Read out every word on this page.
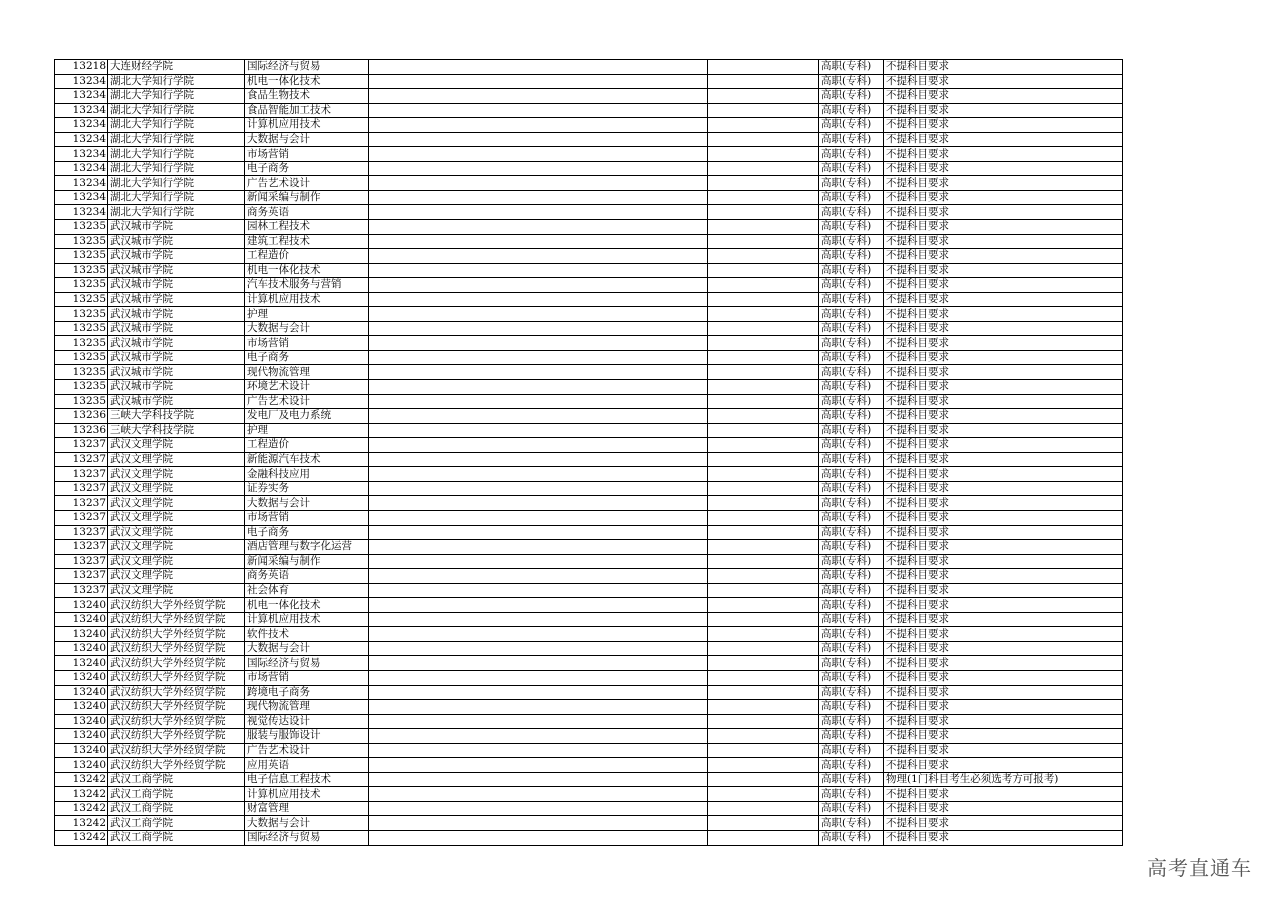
13218	大连财经学院	国际经济与贸易			高职(专科)	不提科目要求
13234	湖北大学知行学院	机电一体化技术			高职(专科)	不提科目要求
13234	湖北大学知行学院	食品生物技术			高职(专科)	不提科目要求
13234	湖北大学知行学院	食品智能加工技术			高职(专科)	不提科目要求
13234	湖北大学知行学院	计算机应用技术			高职(专科)	不提科目要求
13234	湖北大学知行学院	大数据与会计			高职(专科)	不提科目要求
13234	湖北大学知行学院	市场营销			高职(专科)	不提科目要求
13234	湖北大学知行学院	电子商务			高职(专科)	不提科目要求
13234	湖北大学知行学院	广告艺术设计			高职(专科)	不提科目要求
13234	湖北大学知行学院	新闻采编与制作			高职(专科)	不提科目要求
13234	湖北大学知行学院	商务英语			高职(专科)	不提科目要求
13235	武汉城市学院	园林工程技术			高职(专科)	不提科目要求
13235	武汉城市学院	建筑工程技术			高职(专科)	不提科目要求
13235	武汉城市学院	工程造价			高职(专科)	不提科目要求
13235	武汉城市学院	机电一体化技术			高职(专科)	不提科目要求
13235	武汉城市学院	汽车技术服务与营销			高职(专科)	不提科目要求
13235	武汉城市学院	计算机应用技术			高职(专科)	不提科目要求
13235	武汉城市学院	护理			高职(专科)	不提科目要求
13235	武汉城市学院	大数据与会计			高职(专科)	不提科目要求
13235	武汉城市学院	市场营销			高职(专科)	不提科目要求
13235	武汉城市学院	电子商务			高职(专科)	不提科目要求
13235	武汉城市学院	现代物流管理			高职(专科)	不提科目要求
13235	武汉城市学院	环境艺术设计			高职(专科)	不提科目要求
13235	武汉城市学院	广告艺术设计			高职(专科)	不提科目要求
13236	三峡大学科技学院	发电厂及电力系统			高职(专科)	不提科目要求
13236	三峡大学科技学院	护理			高职(专科)	不提科目要求
13237	武汉文理学院	工程造价			高职(专科)	不提科目要求
13237	武汉文理学院	新能源汽车技术			高职(专科)	不提科目要求
13237	武汉文理学院	金融科技应用			高职(专科)	不提科目要求
13237	武汉文理学院	证券实务			高职(专科)	不提科目要求
13237	武汉文理学院	大数据与会计			高职(专科)	不提科目要求
13237	武汉文理学院	市场营销			高职(专科)	不提科目要求
13237	武汉文理学院	电子商务			高职(专科)	不提科目要求
13237	武汉文理学院	酒店管理与数字化运营			高职(专科)	不提科目要求
13237	武汉文理学院	新闻采编与制作			高职(专科)	不提科目要求
13237	武汉文理学院	商务英语			高职(专科)	不提科目要求
13237	武汉文理学院	社会体育			高职(专科)	不提科目要求
13240	武汉纺织大学外经贸学院	机电一体化技术			高职(专科)	不提科目要求
13240	武汉纺织大学外经贸学院	计算机应用技术			高职(专科)	不提科目要求
13240	武汉纺织大学外经贸学院	软件技术			高职(专科)	不提科目要求
13240	武汉纺织大学外经贸学院	大数据与会计			高职(专科)	不提科目要求
13240	武汉纺织大学外经贸学院	国际经济与贸易			高职(专科)	不提科目要求
13240	武汉纺织大学外经贸学院	市场营销			高职(专科)	不提科目要求
13240	武汉纺织大学外经贸学院	跨境电子商务			高职(专科)	不提科目要求
13240	武汉纺织大学外经贸学院	现代物流管理			高职(专科)	不提科目要求
13240	武汉纺织大学外经贸学院	视觉传达设计			高职(专科)	不提科目要求
13240	武汉纺织大学外经贸学院	服装与服饰设计			高职(专科)	不提科目要求
13240	武汉纺织大学外经贸学院	广告艺术设计			高职(专科)	不提科目要求
13240	武汉纺织大学外经贸学院	应用英语			高职(专科)	不提科目要求
13242	武汉工商学院	电子信息工程技术			高职(专科)	物理(1门科目考生必须选考方可报考)
13242	武汉工商学院	计算机应用技术			高职(专科)	不提科目要求
13242	武汉工商学院	财富管理			高职(专科)	不提科目要求
13242	武汉工商学院	大数据与会计			高职(专科)	不提科目要求
13242	武汉工商学院	国际经济与贸易			高职(专科)	不提科目要求
高考直通车
